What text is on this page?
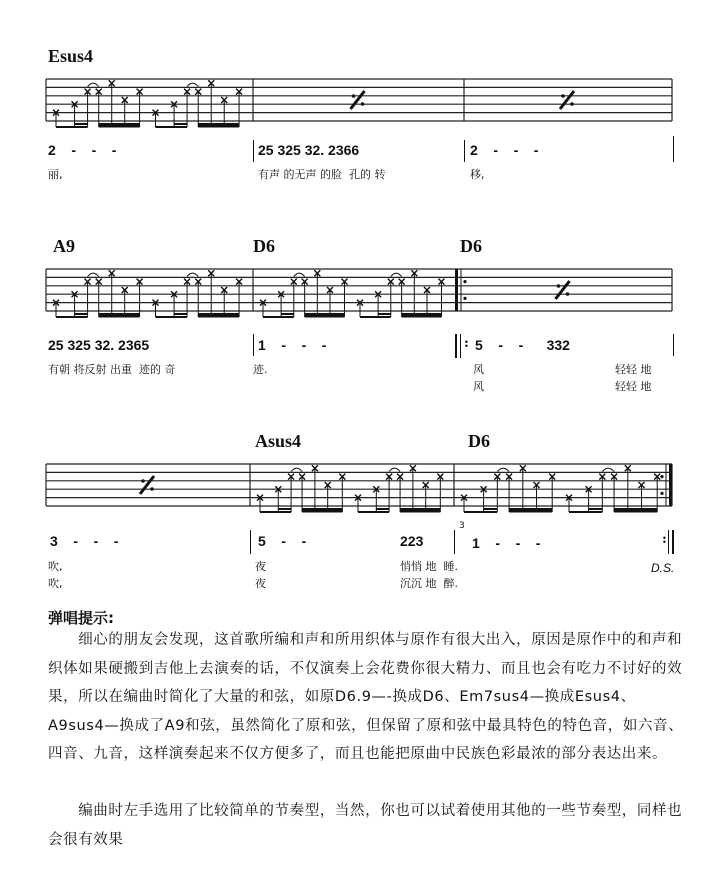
Esus4
2    -    -    -	25 325 32. 2366	2    -    -    -
丽,	有声 的无声 的脸  孔的 转	移,
A9	D6	D6
25 325 32. 2365	1    -    -    -	5    -    -      332
有朝 将反射 出重  迹的 奇	迹.	风	轻轻 地
风	轻轻 地
:
Asus4	D6
3    -    -    -	5    -    -	223	1    -    -    -
3
吹,	夜	悄悄 地  睡.
吹,	夜	沉沉 地  醉.
D.S.
:
弹唱提示:
　　细心的朋友会发现，这首歌所编和声和所用织体与原作有很大出入，原因是原作中的和声和织体如果硬搬到吉他上去演奏的话，不仅演奏上会花费你很大精力、而且也会有吃力不讨好的效果，所以在编曲时简化了大量的和弦，如原D6.9—-换成D6、Em7sus4—换成Esus4、A9sus4—换成了A9和弦，虽然简化了原和弦，但保留了原和弦中最具特色的特色音，如六音、四音、九音，这样演奏起来不仅方便多了，而且也能把原曲中民族色彩最浓的部分表达出来。
　　编曲时左手选用了比较简单的节奏型，当然，你也可以试着使用其他的一些节奏型，同样也会很有效果
